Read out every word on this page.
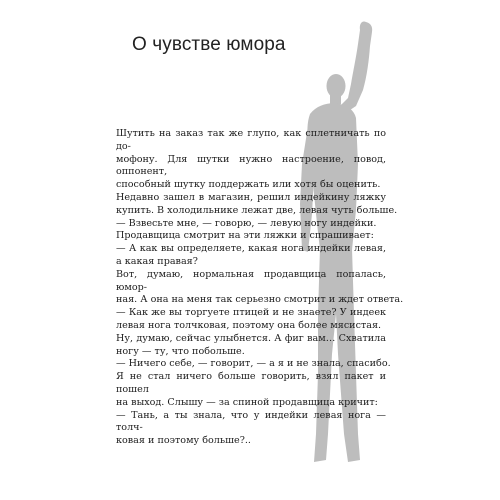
О чувстве юмора
Шутить на заказ так же глупо, как сплетничать по до-
мофону. Для шутки нужно настроение, повод, оппонент,
способный шутку поддержать или хотя бы оценить.
Недавно зашел в магазин, решил индейкину ляжку
купить. В холодильнике лежат две, левая чуть больше.
— Взвесьте мне, — говорю, — левую ногу индейки.
Продавщица смотрит на эти ляжки и спрашивает:
— А как вы определяете, какая нога индейки левая,
а какая правая?
Вот, думаю, нормальная продавщица попалась, юмор-
ная. А она на меня так серьезно смотрит и ждет ответа.
— Как же вы торгуете птицей и не знаете? У индеек
левая нога толчковая, поэтому она более мясистая.
Ну, думаю, сейчас улыбнется. А фиг вам… Схватила
ногу — ту, что побольше.
— Ничего себе, — говорит, — а я и не знала, спасибо.
Я не стал ничего больше говорить, взял пакет и пошел
на выход. Слышу — за спиной продавщица кричит:
— Тань, а ты знала, что у индейки левая нога — толч-
ковая и поэтому больше?..
